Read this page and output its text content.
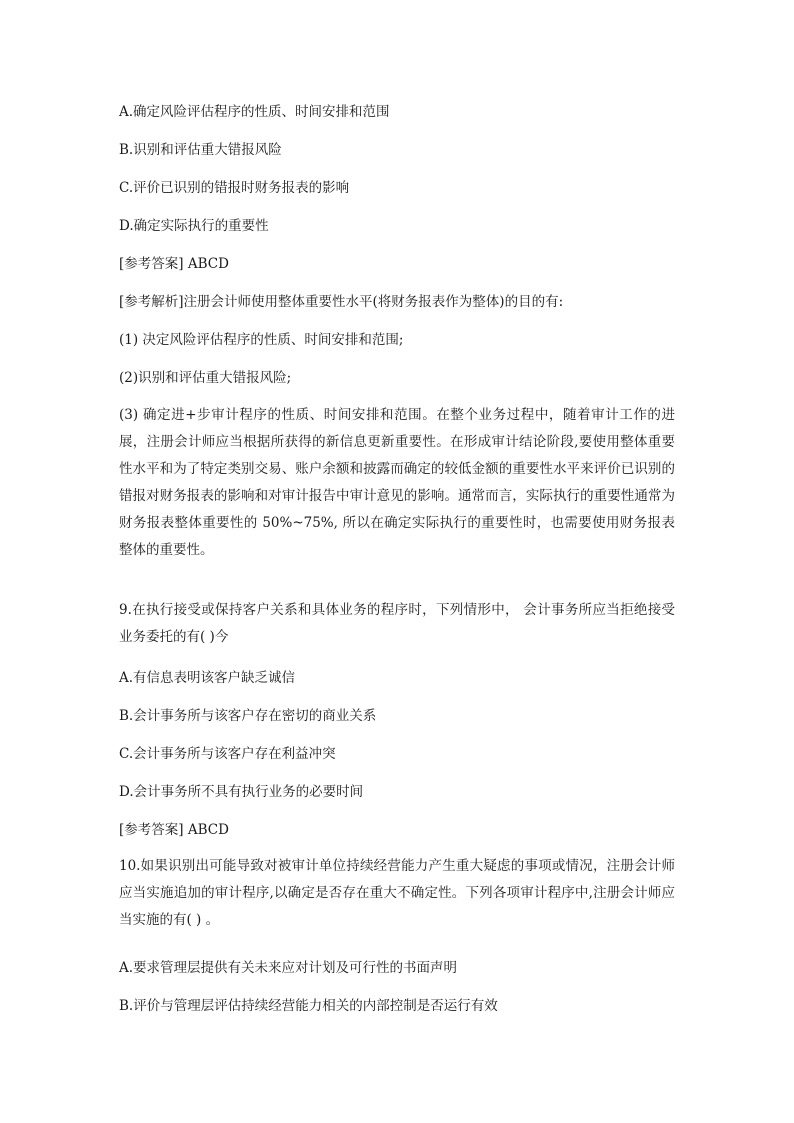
A.确定风险评估程序的性质、时间安排和范围

B.识别和评估重大错报风险

C.评价已识别的错报时财务报表的影响

D.确定实际执行的重要性

[参考答案] ABCD

[参考解析]注册会计师使用整体重要性水平(将财务报表作为整体)的目的有:

(1) 决定风险评估程序的性质、时间安排和范围;

(2)识别和评估重大错报风险;

(3) 确定进+步审计程序的性质、时间安排和范围。在整个业务过程中，随着审计工作的进展，注册会计师应当根据所获得的新信息更新重要性。在形成审计结论阶段,要使用整体重要性水平和为了特定类别交易、账户余额和披露而确定的较低金额的重要性水平来评价已识别的错报对财务报表的影响和对审计报告中审计意见的影响。通常而言，实际执行的重要性通常为财务报表整体重要性的 50%~75%, 所以在确定实际执行的重要性时，也需要使用财务报表整体的重要性。

9.在执行接受或保持客户关系和具体业务的程序时，下列情形中， 会计事务所应当拒绝接受业务委托的有( )今

A.有信息表明该客户缺乏诚信

B.会计事务所与该客户存在密切的商业关系

C.会计事务所与该客户存在利益冲突

D.会计事务所不具有执行业务的必要时间

[参考答案] ABCD

10.如果识别出可能导致对被审计单位持续经营能力产生重大疑虑的事项或情况，注册会计师应当实施追加的审计程序,以确定是否存在重大不确定性。下列各项审计程序中,注册会计师应当实施的有( ) 。

A.要求管理层提供有关未来应对计划及可行性的书面声明

B.评价与管理层评估持续经营能力相关的内部控制是否运行有效
